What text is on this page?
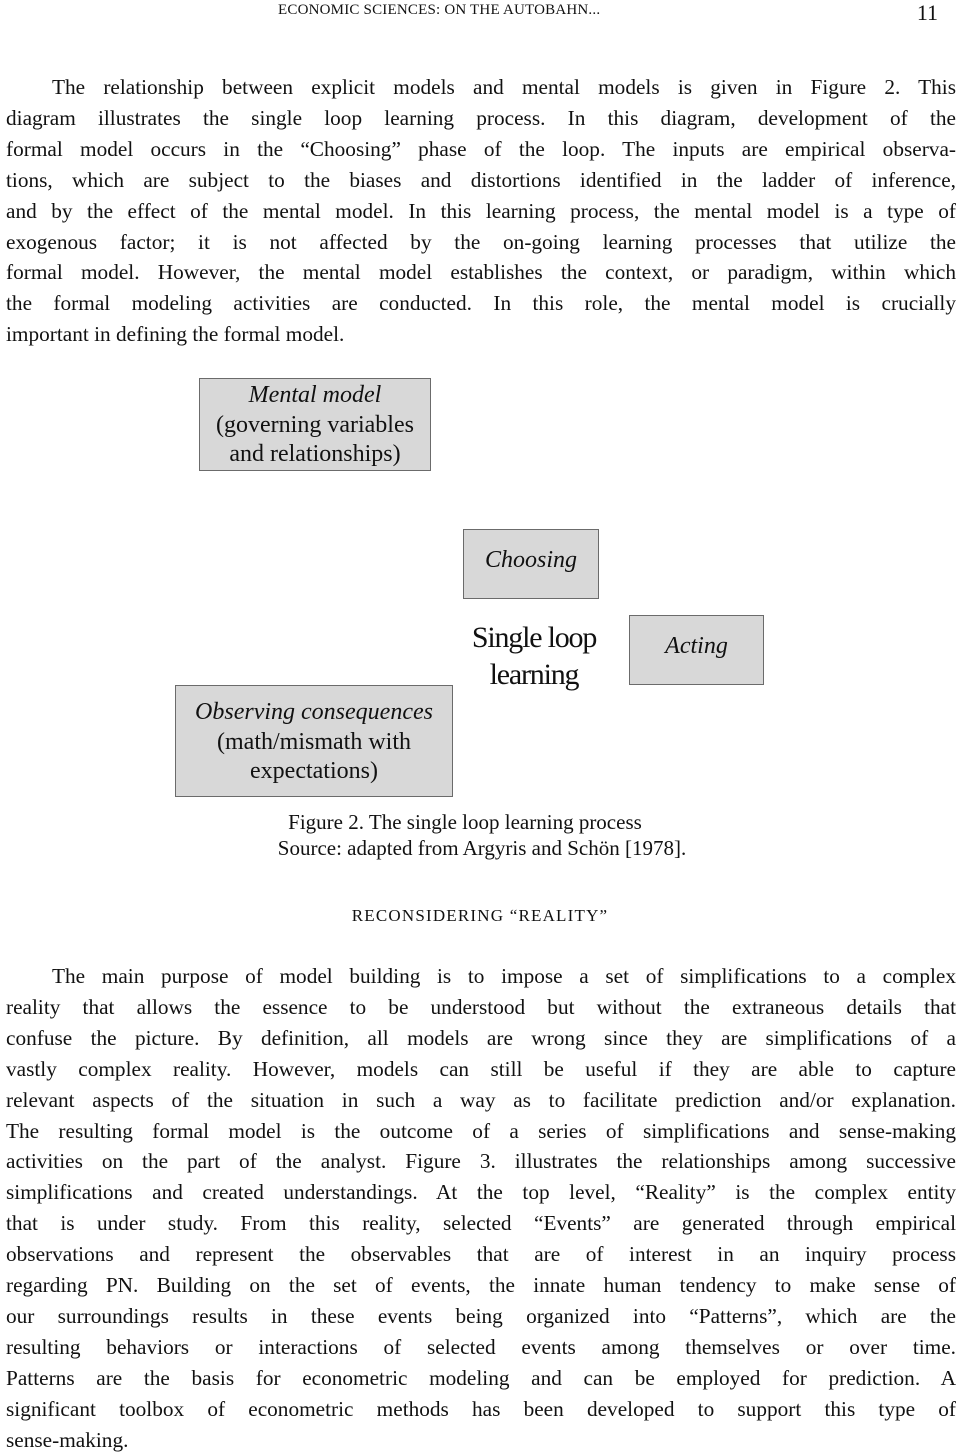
ECONOMIC SCIENCES: ON THE AUTOBAHN...	11
The relationship between explicit models and mental models is given in Figure 2. This
diagram illustrates the single loop learning process. In this diagram, development of the
formal model occurs in the “Choosing” phase of the loop. The inputs are empirical observa-
tions, which are subject to the biases and distortions identified in the ladder of inference,
and by the effect of the mental model. In this learning process, the mental model is a type of
exogenous factor; it is not affected by the on-going learning processes that utilize the
formal model. However, the mental model establishes the context, or paradigm, within which
the formal modeling activities are conducted. In this role, the mental model is crucially
important in defining the formal model.
Mental model
(governing variables
and relationships)
Choosing
Acting
Observing consequences
(math/mismath with
expectations)
Single loop
learning
Figure 2. The single loop learning process
Source: adapted from Argyris and Schön [1978].
RECONSIDERING “REALITY”
The main purpose of model building is to impose a set of simplifications to a complex
reality that allows the essence to be understood but without the extraneous details that
confuse the picture. By definition, all models are wrong since they are simplifications of a
vastly complex reality. However, models can still be useful if they are able to capture
relevant aspects of the situation in such a way as to facilitate prediction and/or explanation.
The resulting formal model is the outcome of a series of simplifications and sense-making
activities on the part of the analyst. Figure 3. illustrates the relationships among successive
simplifications and created understandings. At the top level, “Reality” is the complex entity
that is under study. From this reality, selected “Events” are generated through empirical
observations and represent the observables that are of interest in an inquiry process
regarding PN. Building on the set of events, the innate human tendency to make sense of
our surroundings results in these events being organized into “Patterns”, which are the
resulting behaviors or interactions of selected events among themselves or over time.
Patterns are the basis for econometric modeling and can be employed for prediction. A
significant toolbox of econometric methods has been developed to support this type of
sense-making.
